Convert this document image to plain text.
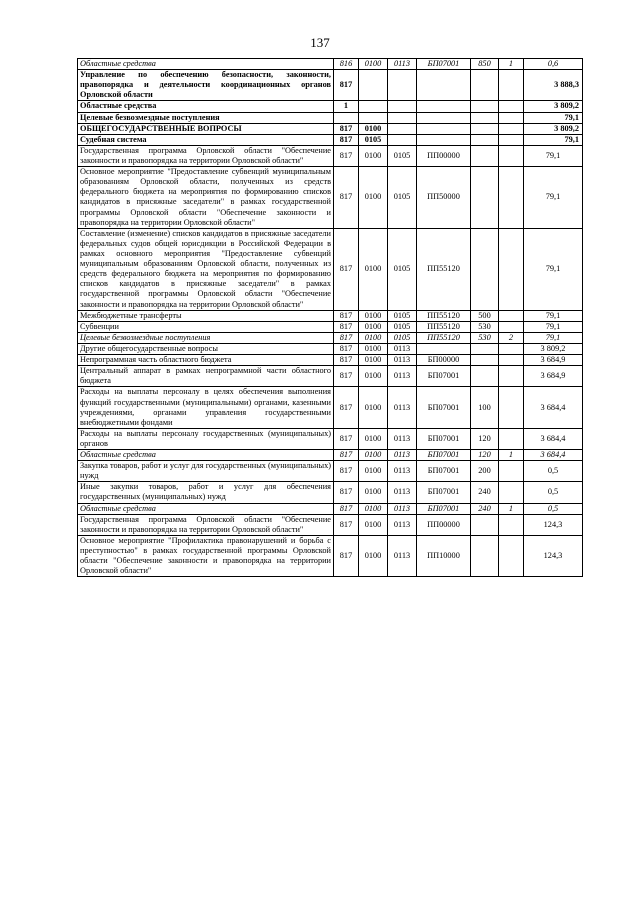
137
Областные средства	816	0100	0113	БП07001	850	1	0,6
Управление по обеспечению безопасности, законности, правопорядка и деятельности координационных органов Орловской области	817						3 888,3
Областные средства	1						3 809,2
Целевые безвозмездные поступления							79,1
ОБЩЕГОСУДАРСТВЕННЫЕ ВОПРОСЫ	817	0100					3 809,2
Судебная система	817	0105					79,1
Государственная программа Орловской области "Обеспечение законности и правопорядка на территории Орловской области"	817	0100	0105	ПП00000			79,1
Основное мероприятие "Предоставление субвенций муниципальным образованиям Орловской области, полученных из средств федерального бюджета на мероприятия по формированию списков кандидатов в присяжные заседатели" в рамках государственной программы Орловской области "Обеспечение законности и правопорядка на территории Орловской области"	817	0100	0105	ПП50000			79,1
Составление (изменение) списков кандидатов в присяжные заседатели федеральных судов общей юрисдикции в Российской Федерации в рамках основного мероприятия "Предоставление субвенций муниципальным образованиям Орловской области, полученных из средств федерального бюджета на мероприятия по формированию списков кандидатов в присяжные заседатели" в рамках государственной программы Орловской области "Обеспечение законности и правопорядка на территории Орловской области"	817	0100	0105	ПП55120			79,1
Межбюджетные трансферты	817	0100	0105	ПП55120	500		79,1
Субвенции	817	0100	0105	ПП55120	530		79,1
Целевые безвозмездные поступления	817	0100	0105	ПП55120	530	2	79,1
Другие общегосударственные вопросы	817	0100	0113				3 809,2
Непрограммная часть областного бюджета	817	0100	0113	БП00000			3 684,9
Центральный аппарат в рамках непрограммной части областного бюджета	817	0100	0113	БП07001			3 684,9
Расходы на выплаты персоналу в целях обеспечения выполнения функций государственными (муниципальными) органами, казенными учреждениями, органами управления государственными внебюджетными фондами	817	0100	0113	БП07001	100		3 684,4
Расходы на выплаты персоналу государственных (муниципальных) органов	817	0100	0113	БП07001	120		3 684,4
Областные средства	817	0100	0113	БП07001	120	1	3 684,4
Закупка товаров, работ и услуг для государственных (муниципальных) нужд	817	0100	0113	БП07001	200		0,5
Иные закупки товаров, работ и услуг для обеспечения государственных (муниципальных) нужд	817	0100	0113	БП07001	240		0,5
Областные средства	817	0100	0113	БП07001	240	1	0,5
Государственная программа Орловской области "Обеспечение законности и правопорядка на территории Орловской области"	817	0100	0113	ПП00000			124,3
Основное мероприятие "Профилактика правонарушений и борьба с преступностью" в рамках государственной программы Орловской области "Обеспечение законности и правопорядка на территории Орловской области"	817	0100	0113	ПП10000			124,3
